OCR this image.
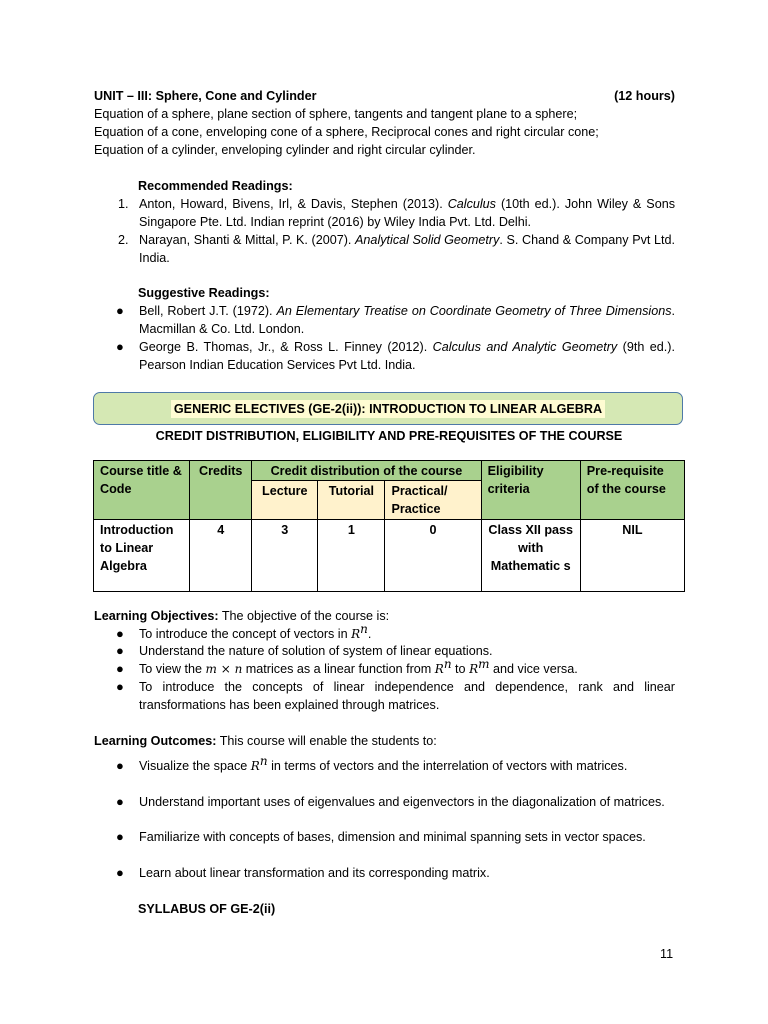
UNIT – III: Sphere, Cone and Cylinder	(12 hours)
Equation of a sphere, plane section of sphere, tangents and tangent plane to a sphere;
Equation of a cone, enveloping cone of a sphere, Reciprocal cones and right circular cone;
Equation of a cylinder, enveloping cylinder and right circular cylinder.
Recommended Readings:
1. Anton, Howard, Bivens, Irl, & Davis, Stephen (2013). Calculus (10th ed.). John Wiley & Sons Singapore Pte. Ltd. Indian reprint (2016) by Wiley India Pvt. Ltd. Delhi.
2. Narayan, Shanti & Mittal, P. K. (2007). Analytical Solid Geometry. S. Chand & Company Pvt Ltd. India.
Suggestive Readings:
●	Bell, Robert J.T. (1972). An Elementary Treatise on Coordinate Geometry of Three Dimensions. Macmillan & Co. Ltd. London.
●	George B. Thomas, Jr., & Ross L. Finney (2012). Calculus and Analytic Geometry (9th ed.). Pearson Indian Education Services Pvt Ltd. India.
GENERIC ELECTIVES (GE-2(ii)): INTRODUCTION TO LINEAR ALGEBRA
CREDIT DISTRIBUTION, ELIGIBILITY AND PRE-REQUISITES OF THE COURSE
Course title & Code	Credits	Credit distribution of the course			Eligibility criteria	Pre-requisite of the course
		Lecture	Tutorial	Practical/ Practice		
Introduction to Linear Algebra	4	3	1	0	Class XII pass with Mathematic s	NIL
Learning Objectives: The objective of the course is:
●	To introduce the concept of vectors in $R^n$.
●	Understand the nature of solution of system of linear equations.
●	To view the m × n matrices as a linear function from $R^n$ to $R^m$ and vice versa.
●	To introduce the concepts of linear independence and dependence, rank and linear transformations has been explained through matrices.
Learning Outcomes: This course will enable the students to:
●	Visualize the space $R^n$ in terms of vectors and the interrelation of vectors with matrices.
●	Understand important uses of eigenvalues and eigenvectors in the diagonalization of matrices.
●	Familiarize with concepts of bases, dimension and minimal spanning sets in vector spaces.
●	Learn about linear transformation and its corresponding matrix.
SYLLABUS OF GE-2(ii)
11
